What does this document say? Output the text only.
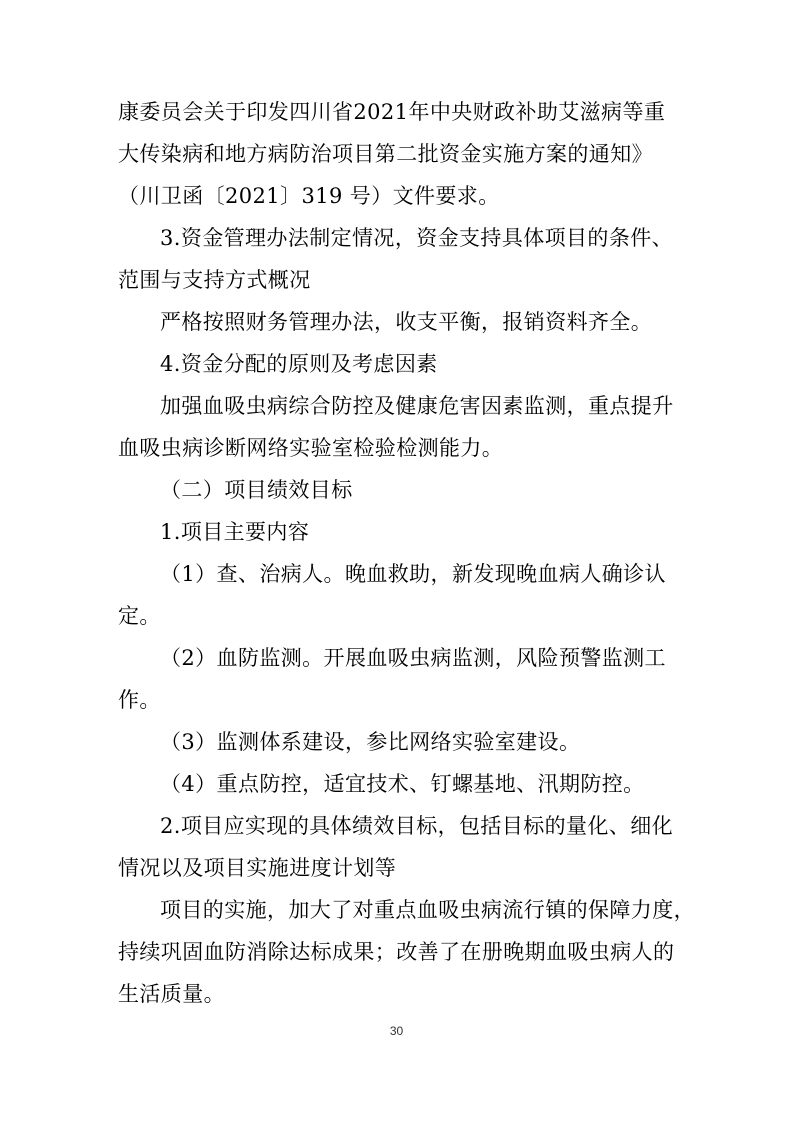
康委员会关于印发四川省2021年中央财政补助艾滋病等重
大传染病和地方病防治项目第二批资金实施方案的通知》
（川卫函〔2021〕319 号）文件要求。
3.资金管理办法制定情况，资金支持具体项目的条件、
范围与支持方式概况
严格按照财务管理办法，收支平衡，报销资料齐全。
4.资金分配的原则及考虑因素
加强血吸虫病综合防控及健康危害因素监测，重点提升
血吸虫病诊断网络实验室检验检测能力。
（二）项目绩效目标
1.项目主要内容
（1）查、治病人。晚血救助，新发现晚血病人确诊认
定。
（2）血防监测。开展血吸虫病监测，风险预警监测工
作。
（3）监测体系建设，参比网络实验室建设。
（4）重点防控，适宜技术、钉螺基地、汛期防控。
2.项目应实现的具体绩效目标，包括目标的量化、细化
情况以及项目实施进度计划等
项目的实施，加大了对重点血吸虫病流行镇的保障力度，
持续巩固血防消除达标成果；改善了在册晚期血吸虫病人的
生活质量。
30
